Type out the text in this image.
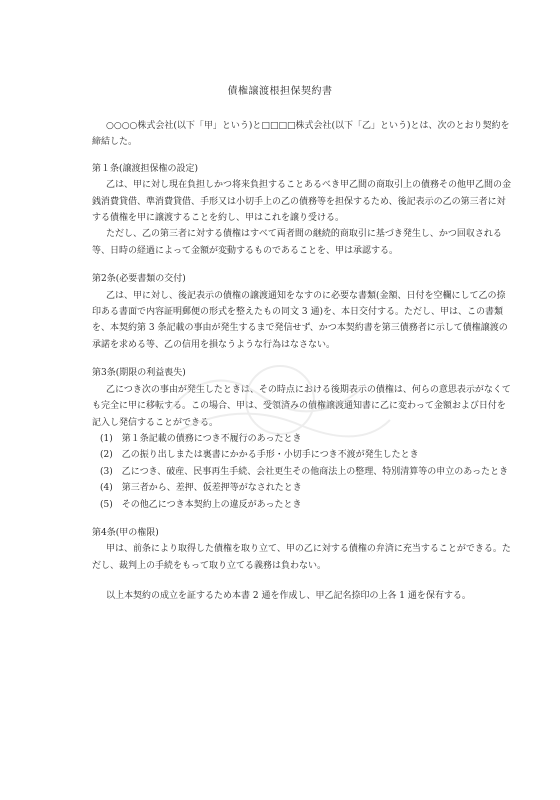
債権譲渡根担保契約書

○○○○株式会社(以下「甲」という)と□□□□株式会社(以下「乙」という)とは、次のとおり契約を締結した。

第１条(譲渡担保権の設定)

乙は、甲に対し現在負担しかつ将来負担することあるべき甲乙間の商取引上の債務その他甲乙間の金銭消費貸借、準消費貸借、手形又は小切手上の乙の債務等を担保するため、後記表示の乙の第三者に対する債権を甲に譲渡することを約し、甲はこれを譲り受ける。

ただし、乙の第三者に対する債権はすべて両者間の継続的商取引に基づき発生し、かつ回収される等、日時の経過によって金額が変動するものであることを、甲は承認する。

第2条(必要書類の交付)

乙は、甲に対し、後記表示の債権の譲渡通知をなすのに必要な書類(金額、日付を空欄にして乙の捺印ある書面で内容証明郵便の形式を整えたもの同文 3 通)を、本日交付する。ただし、甲は、この書類を、本契約第 3 条記載の事由が発生するまで発信せず、かつ本契約書を第三債務者に示して債権譲渡の承諾を求める等、乙の信用を損なうような行為はなさない。

第3条(期限の利益喪失)

乙につき次の事由が発生したときは、その時点における後期表示の債権は、何らの意思表示がなくても完全に甲に移転する。この場合、甲は、受領済みの債権譲渡通知書に乙に変わって金額および日付を記入し発信することができる。

(1)　第１条記載の債務につき不履行のあったとき
(2)　乙の振り出しまたは裏書にかかる手形・小切手につき不渡が発生したとき
(3)　乙につき、破産、民事再生手続、会社更生その他商法上の整理、特別清算等の申立のあったとき
(4)　第三者から、差押、仮差押等がなされたとき
(5)　その他乙につき本契約上の違反があったとき

第4条(甲の権限)

甲は、前条により取得した債権を取り立て、甲の乙に対する債権の弁済に充当することができる。ただし、裁判上の手続をもって取り立てる義務は負わない。

以上本契約の成立を証するため本書 2 通を作成し、甲乙記名捺印の上各 1 通を保有する。
